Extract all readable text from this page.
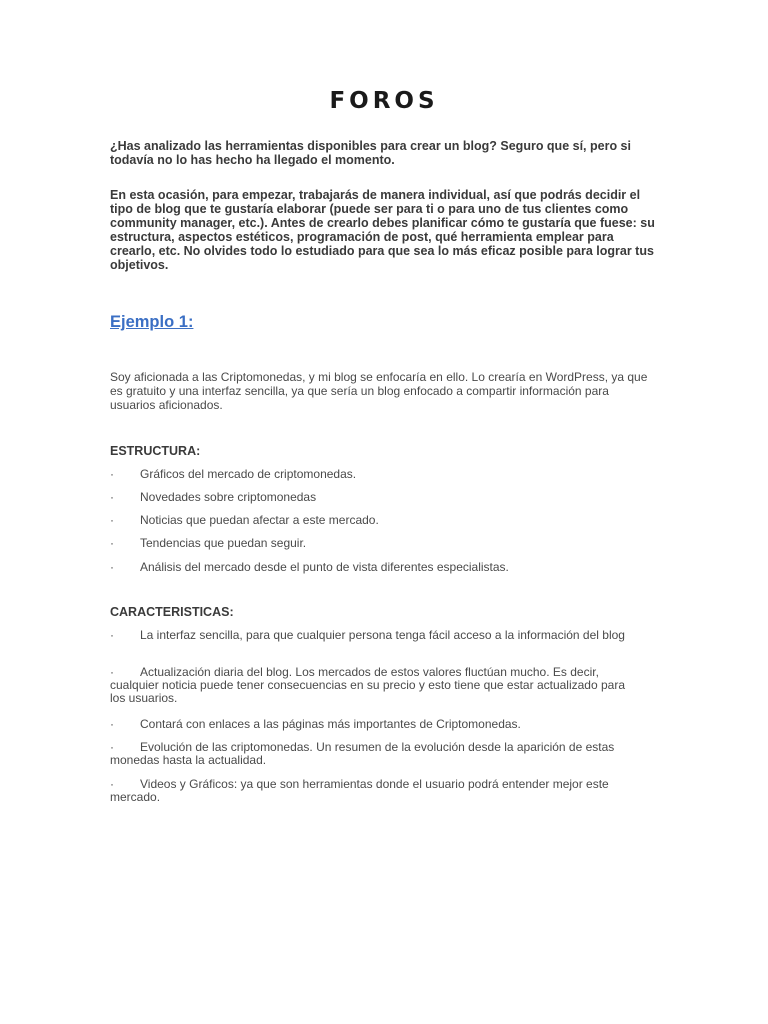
FOROS
¿Has analizado las herramientas disponibles para crear un blog? Seguro que sí, pero si todavía no lo has hecho ha llegado el momento.
En esta ocasión, para empezar, trabajarás de manera individual, así que podrás decidir el tipo de blog que te gustaría elaborar (puede ser para ti o para uno de tus clientes como community manager, etc.). Antes de crearlo debes planificar cómo te gustaría que fuese: su estructura, aspectos estéticos, programación de post, qué herramienta emplear para crearlo, etc. No olvides todo lo estudiado para que sea lo más eficaz posible para lograr tus objetivos.
Ejemplo 1:
Soy aficionada a las Criptomonedas, y mi blog se enfocaría en ello. Lo crearía en WordPress, ya que es gratuito y una interfaz sencilla, ya que sería un blog enfocado a compartir información para usuarios aficionados.
ESTRUCTURA:
· Gráficos del mercado de criptomonedas.
· Novedades sobre criptomonedas
· Noticias que puedan afectar a este mercado.
· Tendencias que puedan seguir.
· Análisis del mercado desde el punto de vista diferentes especialistas.
CARACTERISTICAS:
· La interfaz sencilla, para que cualquier persona tenga fácil acceso a la información del blog
· Actualización diaria del blog. Los mercados de estos valores fluctúan mucho. Es decir, cualquier noticia puede tener consecuencias en su precio y esto tiene que estar actualizado para los usuarios.
· Contará con enlaces a las páginas más importantes de Criptomonedas.
· Evolución de las criptomonedas. Un resumen de la evolución desde la aparición de estas monedas hasta la actualidad.
· Videos y Gráficos: ya que son herramientas donde el usuario podrá entender mejor este mercado.
